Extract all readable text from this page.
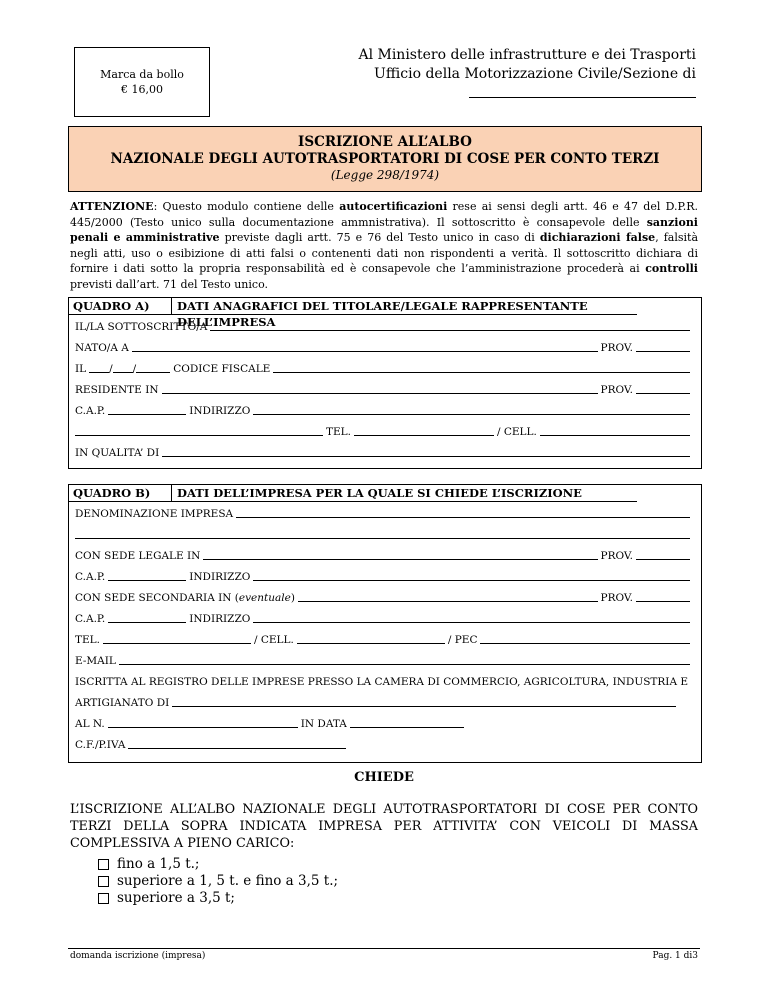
Marca da bollo
€ 16,00
Al Ministero delle infrastrutture e dei Trasporti
Ufficio della Motorizzazione Civile/Sezione di
ISCRIZIONE ALL’ALBO
NAZIONALE DEGLI AUTOTRASPORTATORI DI COSE PER CONTO TERZI
(Legge 298/1974)
ATTENZIONE: Questo modulo contiene delle autocertificazioni rese ai sensi degli artt. 46 e 47 del D.P.R. 445/2000 (Testo unico sulla documentazione ammnistrativa). Il sottoscritto è consapevole delle sanzioni penali e amministrative previste dagli artt. 75 e 76 del Testo unico in caso di dichiarazioni false, falsità negli atti, uso o esibizione di atti falsi o contenenti dati non rispondenti a verità. Il sottoscritto dichiara di fornire i dati sotto la propria responsabilità ed è consapevole che l’amministrazione procederà ai controlli previsti dall’art. 71 del Testo unico.
QUADRO A)	DATI ANAGRAFICI DEL TITOLARE/LEGALE RAPPRESENTANTE DELL’IMPRESA
IL/LA SOTTOSCRITTO/A
NATO/A A	PROV.
IL / /	CODICE FISCALE
RESIDENTE IN	PROV.
C.A.P.	INDIRIZZO
TEL.	/ CELL.
IN QUALITA’ DI
QUADRO B)	DATI DELL’IMPRESA PER LA QUALE SI CHIEDE L’ISCRIZIONE
DENOMINAZIONE IMPRESA
CON SEDE LEGALE IN	PROV.
C.A.P.	INDIRIZZO
CON SEDE SECONDARIA IN (eventuale)	PROV.
C.A.P.	INDIRIZZO
TEL.	/ CELL.	/ PEC
E-MAIL
ISCRITTA AL REGISTRO DELLE IMPRESE PRESSO LA CAMERA DI COMMERCIO, AGRICOLTURA, INDUSTRIA E
ARTIGIANATO DI
AL N.	IN DATA
C.F./P.IVA
CHIEDE
L’ISCRIZIONE ALL’ALBO NAZIONALE DEGLI AUTOTRASPORTATORI DI COSE PER CONTO TERZI DELLA SOPRA INDICATA IMPRESA PER ATTIVITA’ CON VEICOLI DI MASSA COMPLESSIVA A PIENO CARICO:
fino a 1,5 t.;
superiore a 1, 5 t. e fino a 3,5 t.;
superiore a 3,5 t;
domanda iscrizione (impresa)	Pag. 1 di3
